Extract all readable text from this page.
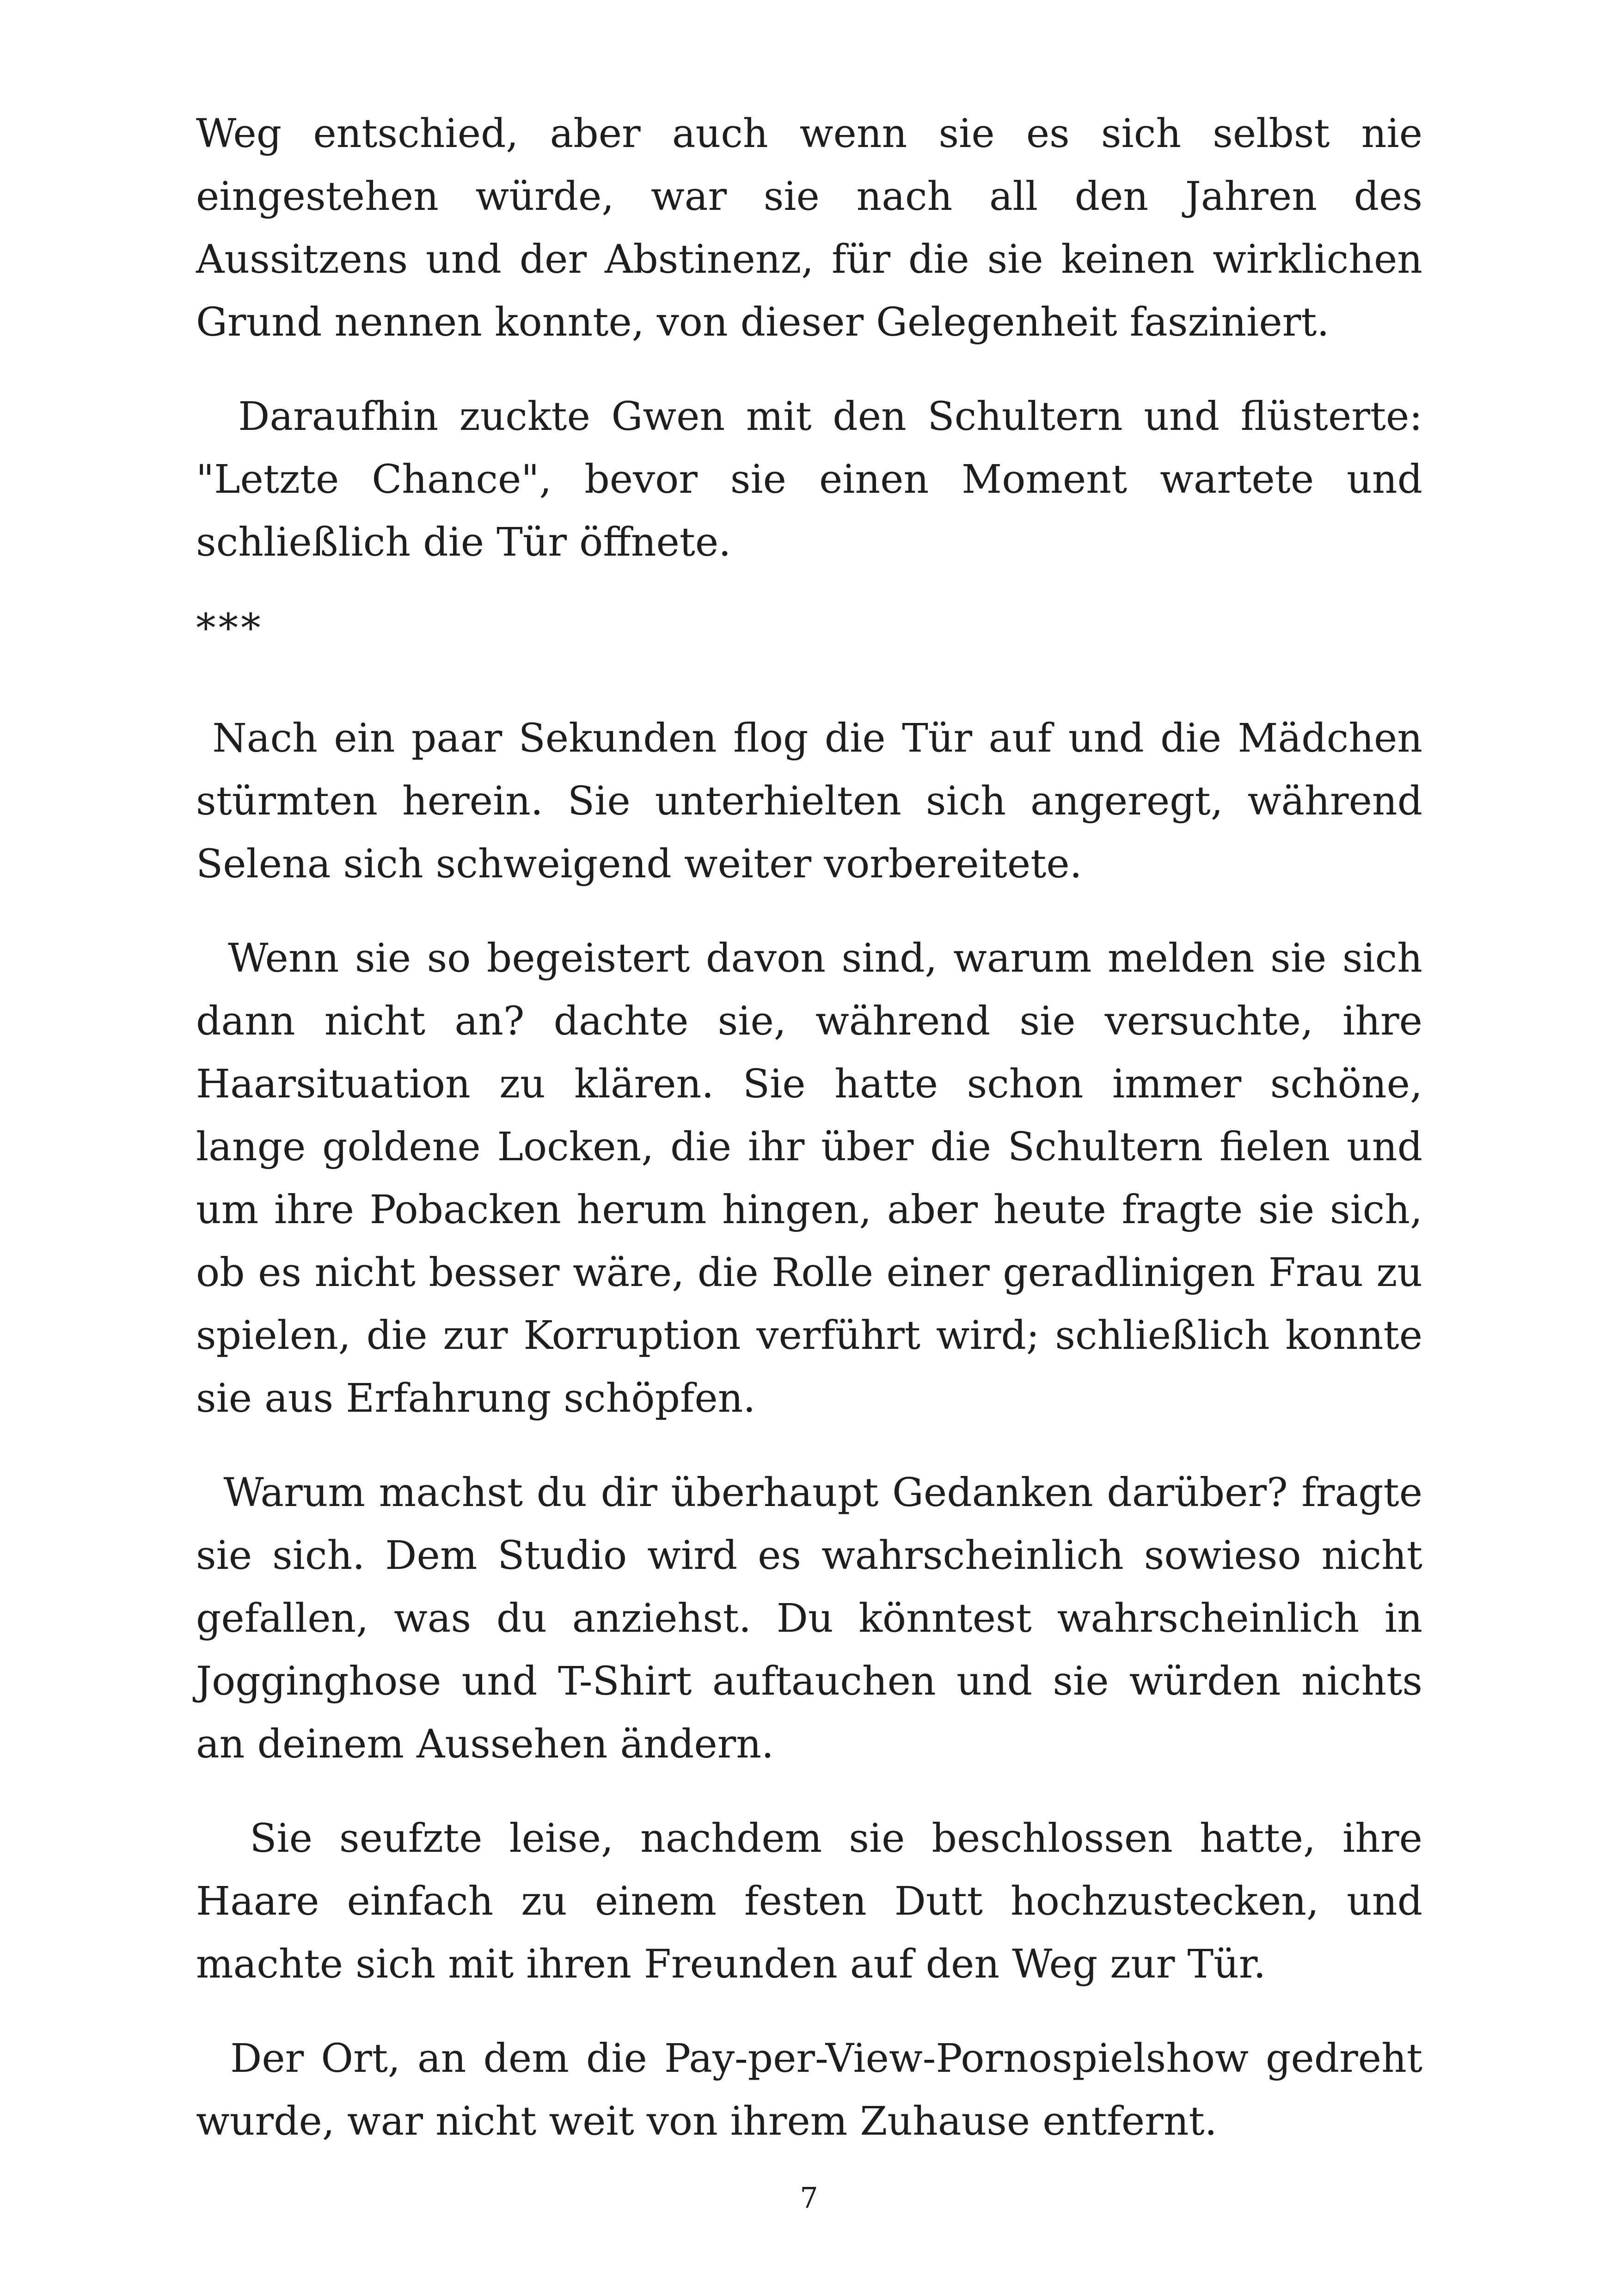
Weg entschied, aber auch wenn sie es sich selbst nie eingestehen würde, war sie nach all den Jahren des Aussitzens und der Abstinenz, für die sie keinen wirklichen Grund nennen konnte, von dieser Gelegenheit fasziniert.

Daraufhin zuckte Gwen mit den Schultern und flüsterte: "Letzte Chance", bevor sie einen Moment wartete und schließlich die Tür öffnete.

***

Nach ein paar Sekunden flog die Tür auf und die Mädchen stürmten herein. Sie unterhielten sich angeregt, während Selena sich schweigend weiter vorbereitete.

Wenn sie so begeistert davon sind, warum melden sie sich dann nicht an? dachte sie, während sie versuchte, ihre Haarsituation zu klären. Sie hatte schon immer schöne, lange goldene Locken, die ihr über die Schultern fielen und um ihre Pobacken herum hingen, aber heute fragte sie sich, ob es nicht besser wäre, die Rolle einer geradlinigen Frau zu spielen, die zur Korruption verführt wird; schließlich konnte sie aus Erfahrung schöpfen.

Warum machst du dir überhaupt Gedanken darüber? fragte sie sich. Dem Studio wird es wahrscheinlich sowieso nicht gefallen, was du anziehst. Du könntest wahrscheinlich in Jogginghose und T-Shirt auftauchen und sie würden nichts an deinem Aussehen ändern.

Sie seufzte leise, nachdem sie beschlossen hatte, ihre Haare einfach zu einem festen Dutt hochzustecken, und machte sich mit ihren Freunden auf den Weg zur Tür.

Der Ort, an dem die Pay-per-View-Pornospielshow gedreht wurde, war nicht weit von ihrem Zuhause entfernt.

7
